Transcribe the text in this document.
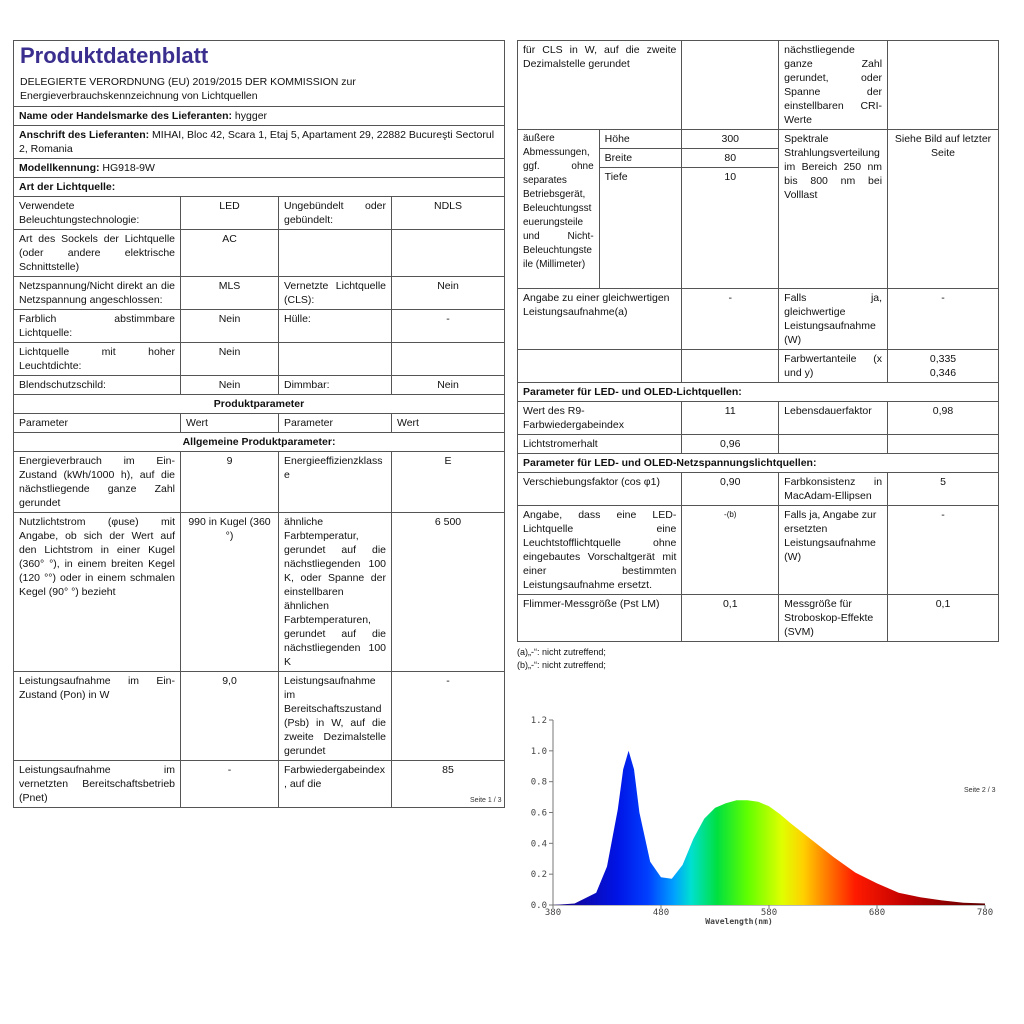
Produktdatenblatt
DELEGIERTE VERORDNUNG (EU) 2019/2015 DER KOMMISSION zur Energieverbrauchskennzeichnung von Lichtquellen			

Name oder Handelsmarke des Lieferanten: hygger			
Anschrift des Lieferanten: MIHAI, Bloc 42, Scara 1, Etaj 5, Apartament 29, 22882 Bucureşti Sectorul 2, Romania			
Modellkennung: HG918-9W			
Art der Lichtquelle:			
Verwendete Beleuchtungstechnologie:	LED	Ungebündelt oder gebündelt:	NDLS
Art des Sockels der Lichtquelle (oder andere elektrische Schnittstelle)	AC		
Netzspannung/Nicht direkt an die Netzspannung angeschlossen:	MLS	Vernetzte Lichtquelle (CLS):	Nein
Farblich abstimmbare Lichtquelle:	Nein	Hülle:	-
Lichtquelle mit hoher Leuchtdichte:	Nein		
Blendschutzschild:	Nein	Dimmbar:	Nein
Produktparameter			
Parameter	Wert	Parameter	Wert
Allgemeine Produktparameter:			
Energieverbrauch im Ein-Zustand (kWh/1000 h), auf die nächstliegende ganze Zahl gerundet	9	Energieeffizienzklasse	E
Nutzlichtstrom (φuse) mit Angabe, ob sich der Wert auf den Lichtstrom in einer Kugel (360° °), in einem breiten Kegel (120 °°) oder in einem schmalen Kegel (90° °) bezieht	990 in Kugel (360 °)	ähnliche Farbtemperatur, gerundet auf die nächstliegenden 100 K, oder Spanne der einstellbaren ähnlichen Farbtemperaturen, gerundet auf die nächstliegenden 100 K	6 500
Leistungsaufnahme im Ein-Zustand (Pon) in W	9,0	Leistungsaufnahme im Bereitschaftszustand (Psb) in W, auf die zweite Dezimalstelle gerundet	-
Leistungsaufnahme im vernetzten Bereitschaftsbetrieb (Pnet)	-	Farbwiedergabeindex, auf die	85
Seite 1 / 3
für CLS in W, auf die zweite Dezimalstelle gerundet			nächstliegende ganze Zahl gerundet, oder Spanne der einstellbaren CRI-Werte	
äußere Abmessungen, ggf. ohne separates Betriebsgerät, Beleuchtungssteuerungsteile und Nicht-Beleuchtungsteile (Millimeter)	Höhe	300	Spektrale Strahlungsverteilung im Bereich 250 nm bis 800 nm bei Volllast	Siehe Bild auf letzter Seite
	Breite	80		
	Tiefe	10		

Angabe zu einer gleichwertigen Leistungsaufnahme(a)		-	Falls ja, gleichwertige Leistungsaufnahme (W)	-
			Farbwertanteile (x und y)	0,335
0,346
Parameter für LED- und OLED-Lichtquellen:				
Wert des R9-Farbwiedergabeindex		11	Lebensdauerfaktor	0,98
Lichtstromerhalt		0,96		
Parameter für LED- und OLED-Netzspannungslichtquellen:				
Verschiebungsfaktor (cos φ1)		0,90	Farbkonsistenz in MacAdam-Ellipsen	5
Angabe, dass eine LED-Lichtquelle eine Leuchtstofflichtquelle ohne eingebautes Vorschaltgerät mit einer bestimmten Leistungsaufnahme ersetzt.		-(b)	Falls ja, Angabe zur ersetzten Leistungsaufnahme (W)	-
Flimmer-Messgröße (Pst LM)		0,1	Messgröße für Stroboskop-Effekte (SVM)	0,1
(a)„-“: nicht zutreffend;
(b)„-“: nicht zutreffend;
Seite 2 / 3
0.0
0.2
0.4
0.6
0.8
1.0
1.2
380	480	580	680	780
Wavelength(nm)
